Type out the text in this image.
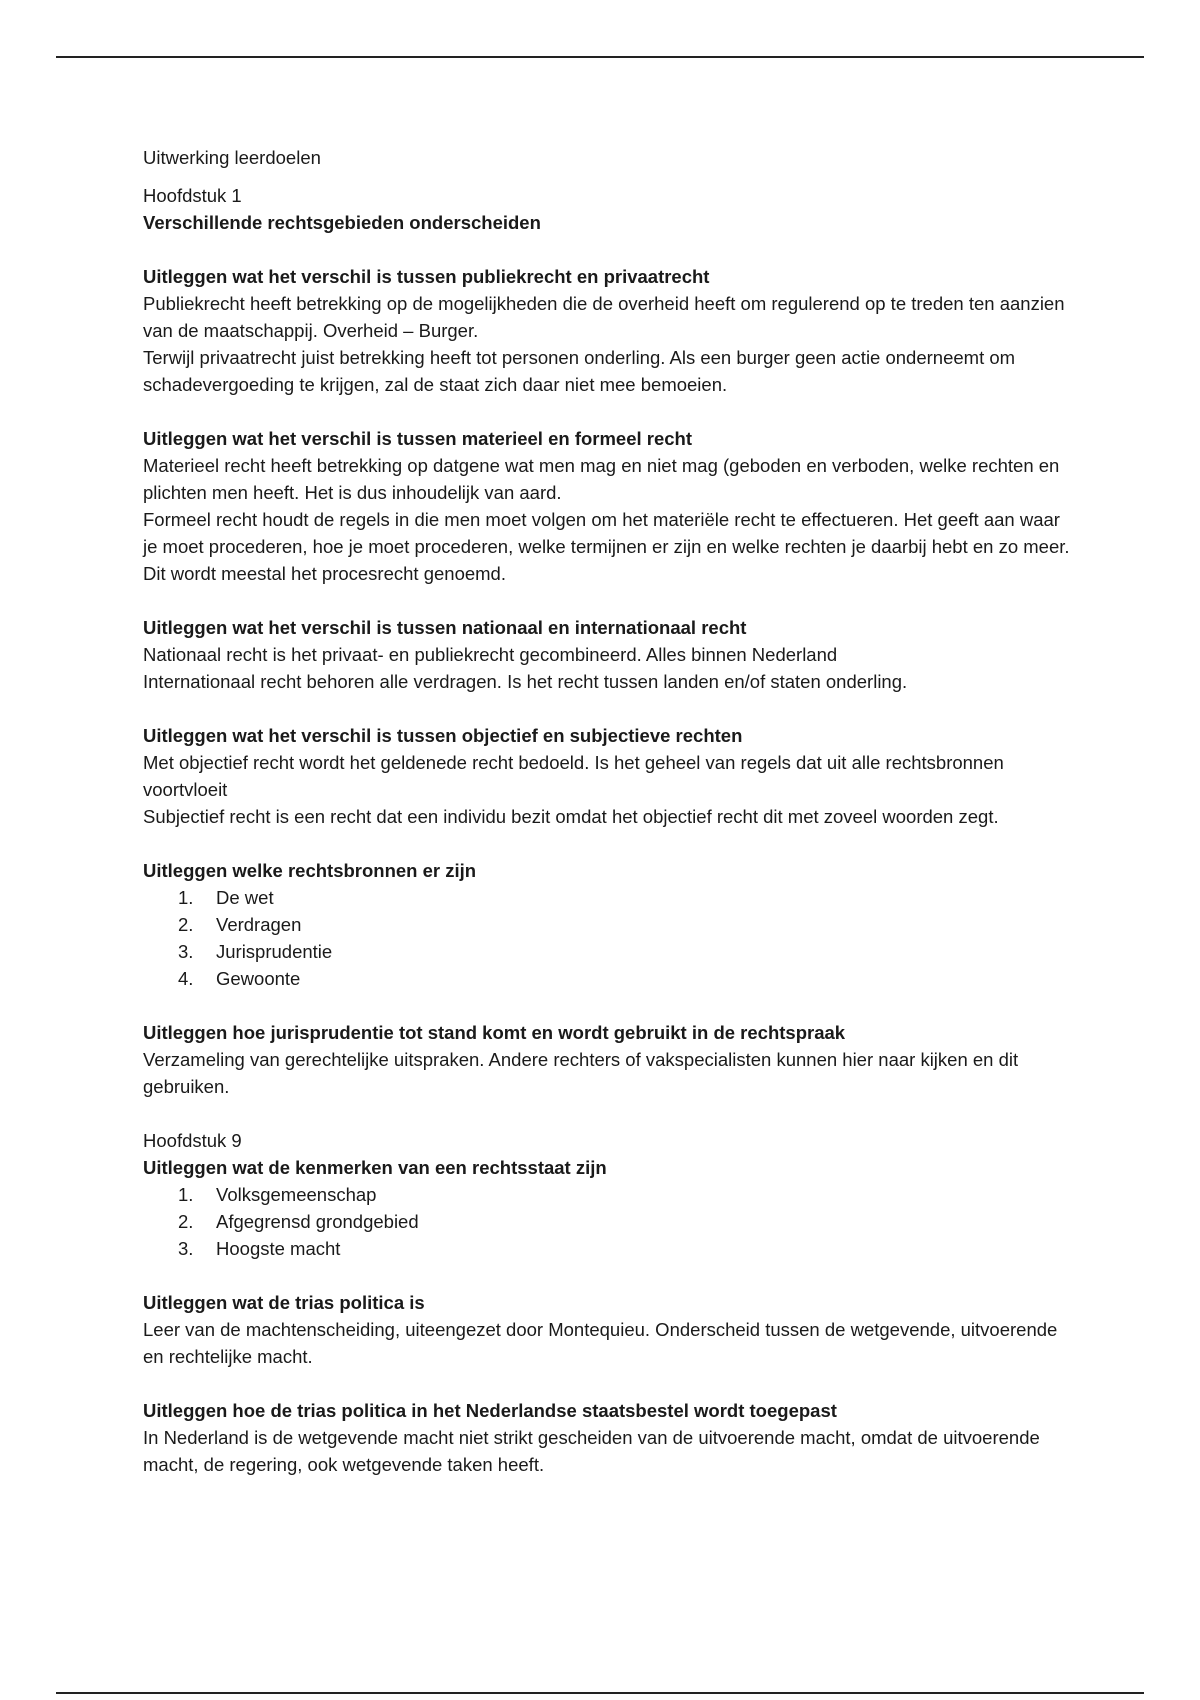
Uitwerking leerdoelen

Hoofdstuk 1

Verschillende rechtsgebieden onderscheiden

Uitleggen wat het verschil is tussen publiekrecht en privaatrecht

Publiekrecht heeft betrekking op de mogelijkheden die de overheid heeft om regulerend op te treden ten aanzien van de maatschappij. Overheid – Burger.

Terwijl privaatrecht juist betrekking heeft tot personen onderling. Als een burger geen actie onderneemt om schadevergoeding te krijgen, zal de staat zich daar niet mee bemoeien.

Uitleggen wat het verschil is tussen materieel en formeel recht

Materieel recht heeft betrekking op datgene wat men mag en niet mag (geboden en verboden, welke rechten en plichten men heeft. Het is dus inhoudelijk van aard.

Formeel recht houdt de regels in die men moet volgen om het materiële recht te effectueren. Het geeft aan waar je moet procederen, hoe je moet procederen, welke termijnen er zijn en welke rechten je daarbij hebt en zo meer. Dit wordt meestal het procesrecht genoemd.

Uitleggen wat het verschil is tussen nationaal en internationaal recht

Nationaal recht is het privaat- en publiekrecht gecombineerd. Alles binnen Nederland

Internationaal recht behoren alle verdragen. Is het recht tussen landen en/of staten onderling.

Uitleggen wat het verschil is tussen objectief en subjectieve rechten

Met objectief recht wordt het geldenede recht bedoeld. Is het geheel van regels dat uit alle rechtsbronnen voortvloeit

Subjectief recht is een recht dat een individu bezit omdat het objectief recht dit met zoveel woorden zegt.

Uitleggen welke rechtsbronnen er zijn

1.	De wet
2.	Verdragen
3.	Jurisprudentie
4.	Gewoonte

Uitleggen hoe jurisprudentie tot stand komt en wordt gebruikt in de rechtspraak

Verzameling van gerechtelijke uitspraken. Andere rechters of vakspecialisten kunnen hier naar kijken en dit gebruiken.

Hoofdstuk 9

Uitleggen wat de kenmerken van een rechtsstaat zijn

1.	Volksgemeenschap
2.	Afgegrensd grondgebied
3.	Hoogste macht

Uitleggen wat de trias politica is

Leer van de machtenscheiding, uiteengezet door Montequieu. Onderscheid tussen de wetgevende, uitvoerende en rechtelijke macht.

Uitleggen hoe de trias politica in het Nederlandse staatsbestel wordt toegepast

In Nederland is de wetgevende macht niet strikt gescheiden van de uitvoerende macht, omdat de uitvoerende macht, de regering, ook wetgevende taken heeft.
